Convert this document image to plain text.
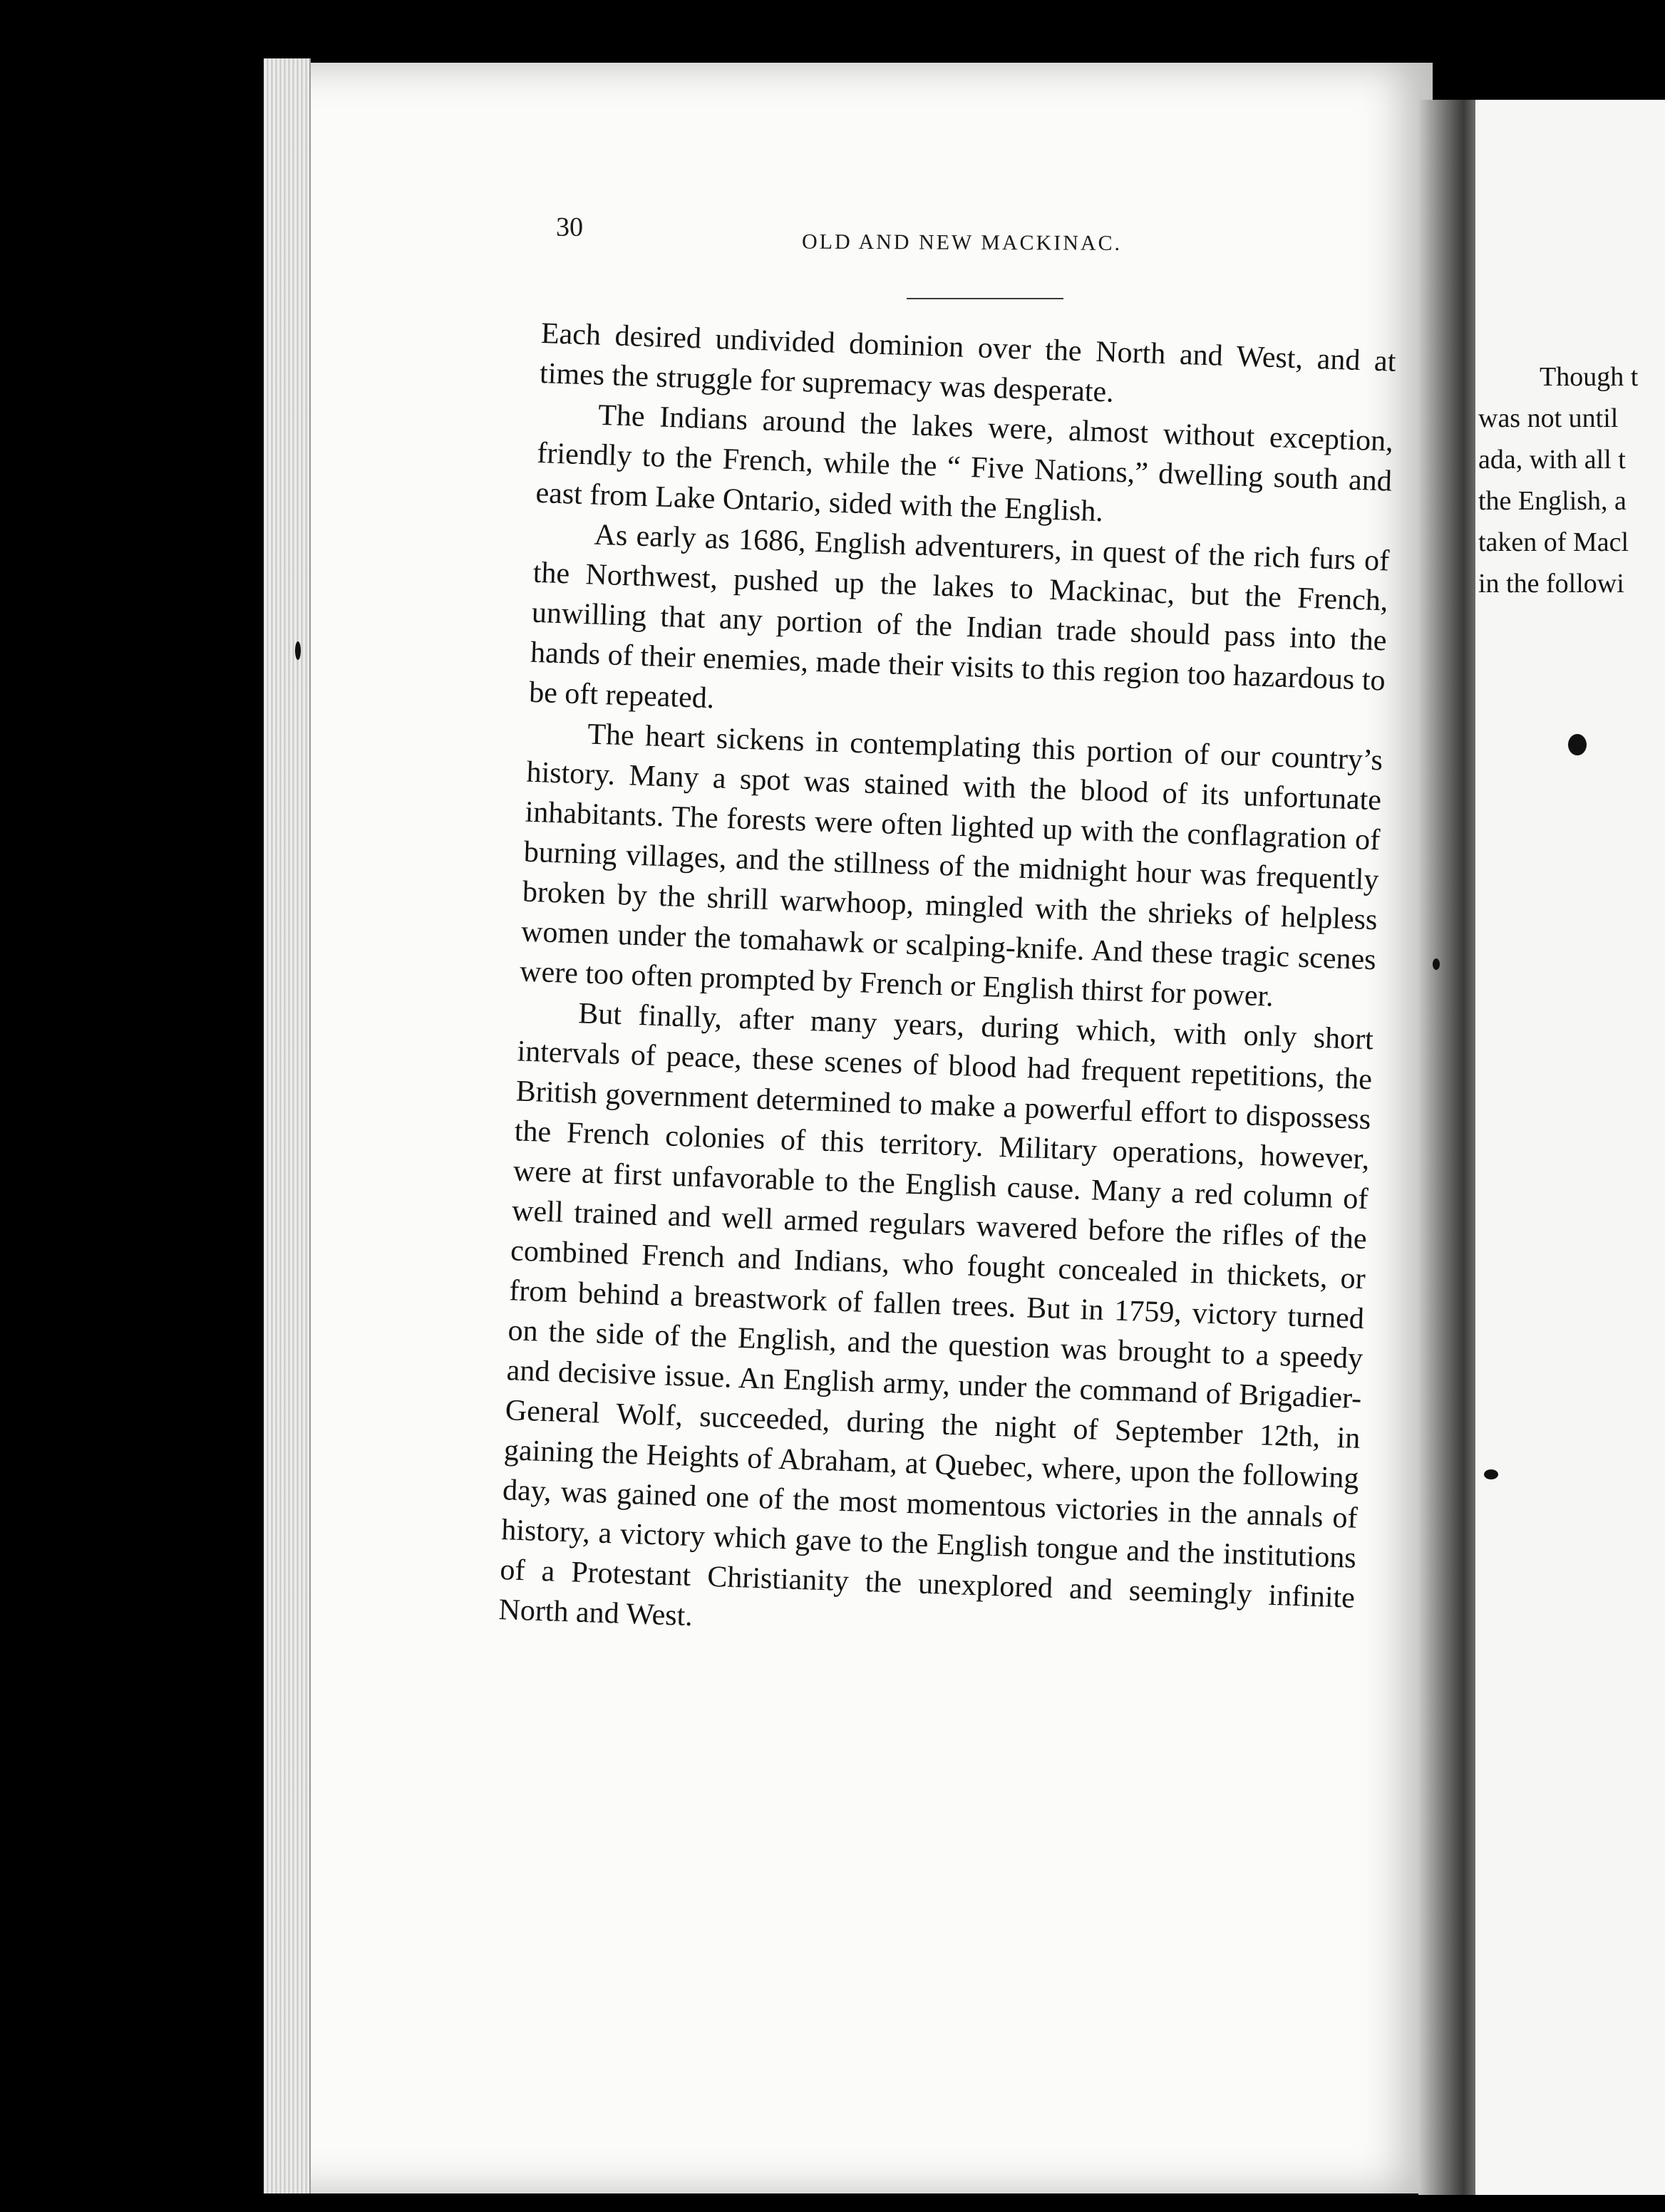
30
OLD AND NEW MACKINAC.

Each desired undivided dominion over the North and West, and at times the struggle for supremacy was desperate.

The Indians around the lakes were, almost without exception, friendly to the French, while the “ Five Nations,” dwelling south and east from Lake Ontario, sided with the English.

As early as 1686, English adventurers, in quest of the rich furs of the Northwest, pushed up the lakes to Mackinac, but the French, unwilling that any portion of the Indian trade should pass into the hands of their enemies, made their visits to this region too hazardous to be oft repeated.

The heart sickens in contemplating this portion of our country’s history. Many a spot was stained with the blood of its unfortunate inhabitants. The forests were often lighted up with the conflagration of burning villages, and the stillness of the midnight hour was frequently broken by the shrill warwhoop, mingled with the shrieks of helpless women under the tomahawk or scalping-knife. And these tragic scenes were too often prompted by French or English thirst for power.

But finally, after many years, during which, with only short intervals of peace, these scenes of blood had frequent repetitions, the British government determined to make a powerful effort to dispossess the French colonies of this territory. Military operations, however, were at first unfavorable to the English cause. Many a red column of well trained and well armed regulars wavered before the rifles of the combined French and Indians, who fought concealed in thickets, or from behind a breastwork of fallen trees. But in 1759, victory turned on the side of the English, and the question was brought to a speedy and decisive issue. An English army, under the command of Brigadier-General Wolf, succeeded, during the night of September 12th, in gaining the Heights of Abraham, at Quebec, where, upon the following day, was gained one of the most momentous victories in the annals of history, a victory which gave to the English tongue and the institutions of a Protestant Christianity the unexplored and seemingly infinite North and West.

Though t
was not until
ada, with all t
the English, a
taken of Macl
in the followi
